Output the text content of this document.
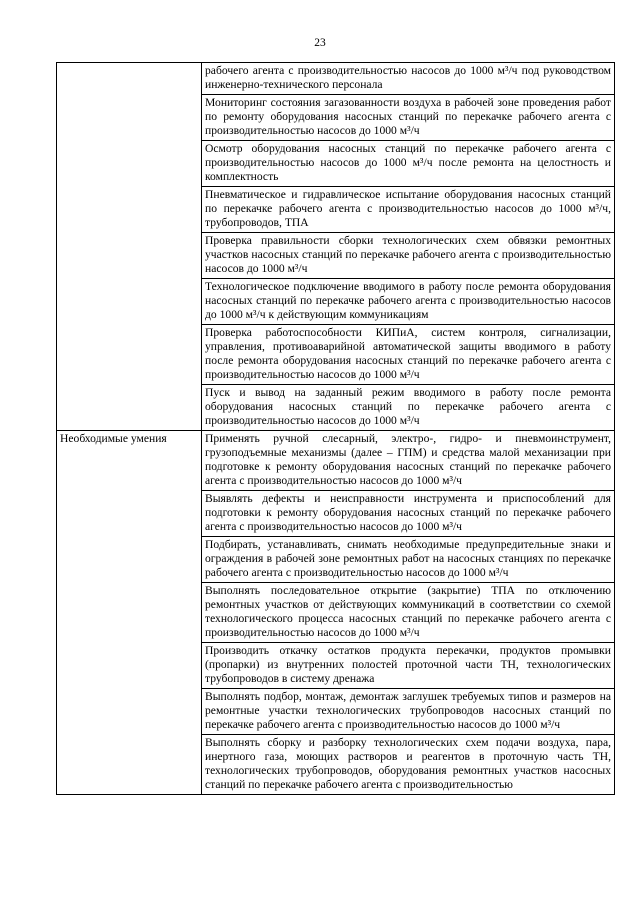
23
	рабочего агента с производительностью насосов до 1000 м³/ч под руководством инженерно-технического персонала
	Мониторинг состояния загазованности воздуха в рабочей зоне проведения работ по ремонту оборудования насосных станций по перекачке рабочего агента с производительностью насосов до 1000 м³/ч
	Осмотр оборудования насосных станций по перекачке рабочего агента с производительностью насосов до 1000 м³/ч после ремонта на целостность и комплектность
	Пневматическое и гидравлическое испытание оборудования насосных станций по перекачке рабочего агента с производительностью насосов до 1000 м³/ч, трубопроводов, ТПА
	Проверка правильности сборки технологических схем обвязки ремонтных участков насосных станций по перекачке рабочего агента с производительностью насосов до 1000 м³/ч
	Технологическое подключение вводимого в работу после ремонта оборудования насосных станций по перекачке рабочего агента с производительностью насосов до 1000 м³/ч к действующим коммуникациям
	Проверка работоспособности КИПиА, систем контроля, сигнализации, управления, противоаварийной автоматической защиты вводимого в работу после ремонта оборудования насосных станций по перекачке рабочего агента с производительностью насосов до 1000 м³/ч
	Пуск и вывод на заданный режим вводимого в работу после ремонта оборудования насосных станций по перекачке рабочего агента с производительностью насосов до 1000 м³/ч
Необходимые умения	Применять ручной слесарный, электро-, гидро- и пневмоинструмент, грузоподъемные механизмы (далее – ГПМ) и средства малой механизации при подготовке к ремонту оборудования насосных станций по перекачке рабочего агента с производительностью насосов до 1000 м³/ч
	Выявлять дефекты и неисправности инструмента и приспособлений для подготовки к ремонту оборудования насосных станций по перекачке рабочего агента с производительностью насосов до 1000 м³/ч
	Подбирать, устанавливать, снимать необходимые предупредительные знаки и ограждения в рабочей зоне ремонтных работ на насосных станциях по перекачке рабочего агента с производительностью насосов до 1000 м³/ч
	Выполнять последовательное открытие (закрытие) ТПА по отключению ремонтных участков от действующих коммуникаций в соответствии со схемой технологического процесса насосных станций по перекачке рабочего агента с производительностью насосов до 1000 м³/ч
	Производить откачку остатков продукта перекачки, продуктов промывки (пропарки) из внутренних полостей проточной части ТН, технологических трубопроводов в систему дренажа
	Выполнять подбор, монтаж, демонтаж заглушек требуемых типов и размеров на ремонтные участки технологических трубопроводов насосных станций по перекачке рабочего агента с производительностью насосов до 1000 м³/ч
	Выполнять сборку и разборку технологических схем подачи воздуха, пара, инертного газа, моющих растворов и реагентов в проточную часть ТН, технологических трубопроводов, оборудования ремонтных участков насосных станций по перекачке рабочего агента с производительностью
